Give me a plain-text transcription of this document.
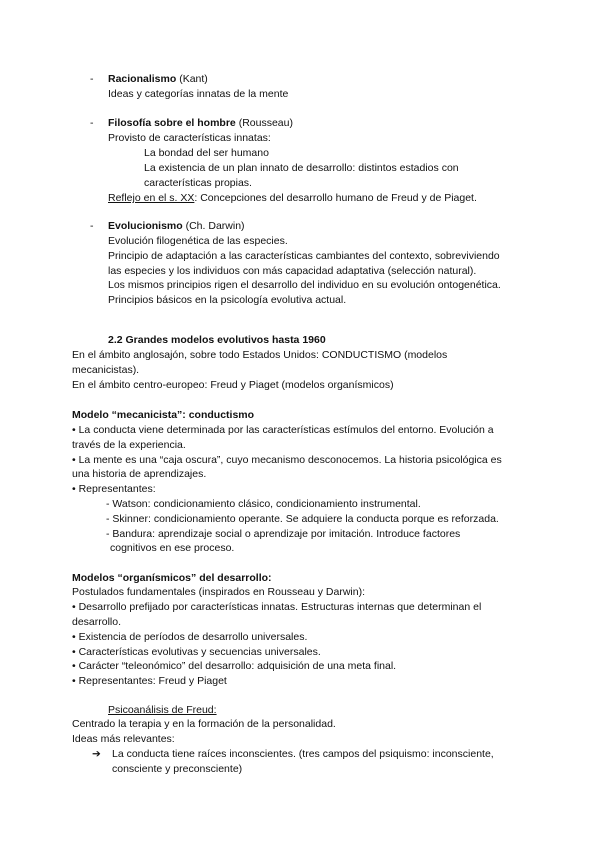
- Racionalismo (Kant)
Ideas y categorías innatas de la mente
- Filosofía sobre el hombre (Rousseau)
Provisto de características innatas:
La bondad del ser humano
La existencia de un plan innato de desarrollo: distintos estadios con
características propias.
Reflejo en el s. XX: Concepciones del desarrollo humano de Freud y de Piaget.
- Evolucionismo (Ch. Darwin)
Evolución filogenética de las especies.
Principio de adaptación a las características cambiantes del contexto, sobreviviendo
las especies y los individuos con más capacidad adaptativa (selección natural).
Los mismos principios rigen el desarrollo del individuo en su evolución ontogenética.
Principios básicos en la psicología evolutiva actual.
2.2 Grandes modelos evolutivos hasta 1960
En el ámbito anglosajón, sobre todo Estados Unidos: CONDUCTISMO (modelos
mecanicistas).
En el ámbito centro-europeo: Freud y Piaget (modelos organísmicos)
Modelo “mecanicista”: conductismo
• La conducta viene determinada por las características estímulos del entorno. Evolución a
través de la experiencia.
• La mente es una “caja oscura”, cuyo mecanismo desconocemos. La historia psicológica es
una historia de aprendizajes.
• Representantes:
- Watson: condicionamiento clásico, condicionamiento instrumental.
- Skinner: condicionamiento operante. Se adquiere la conducta porque es reforzada.
- Bandura: aprendizaje social o aprendizaje por imitación. Introduce factores
cognitivos en ese proceso.
Modelos “organísmicos” del desarrollo:
Postulados fundamentales (inspirados en Rousseau y Darwin):
• Desarrollo prefijado por características innatas. Estructuras internas que determinan el
desarrollo.
• Existencia de períodos de desarrollo universales.
• Características evolutivas y secuencias universales.
• Carácter “teleonómico” del desarrollo: adquisición de una meta final.
• Representantes: Freud y Piaget
Psicoanálisis de Freud:
Centrado la terapia y en la formación de la personalidad.
Ideas más relevantes:
➔ La conducta tiene raíces inconscientes. (tres campos del psiquismo: inconsciente,
consciente y preconsciente)
